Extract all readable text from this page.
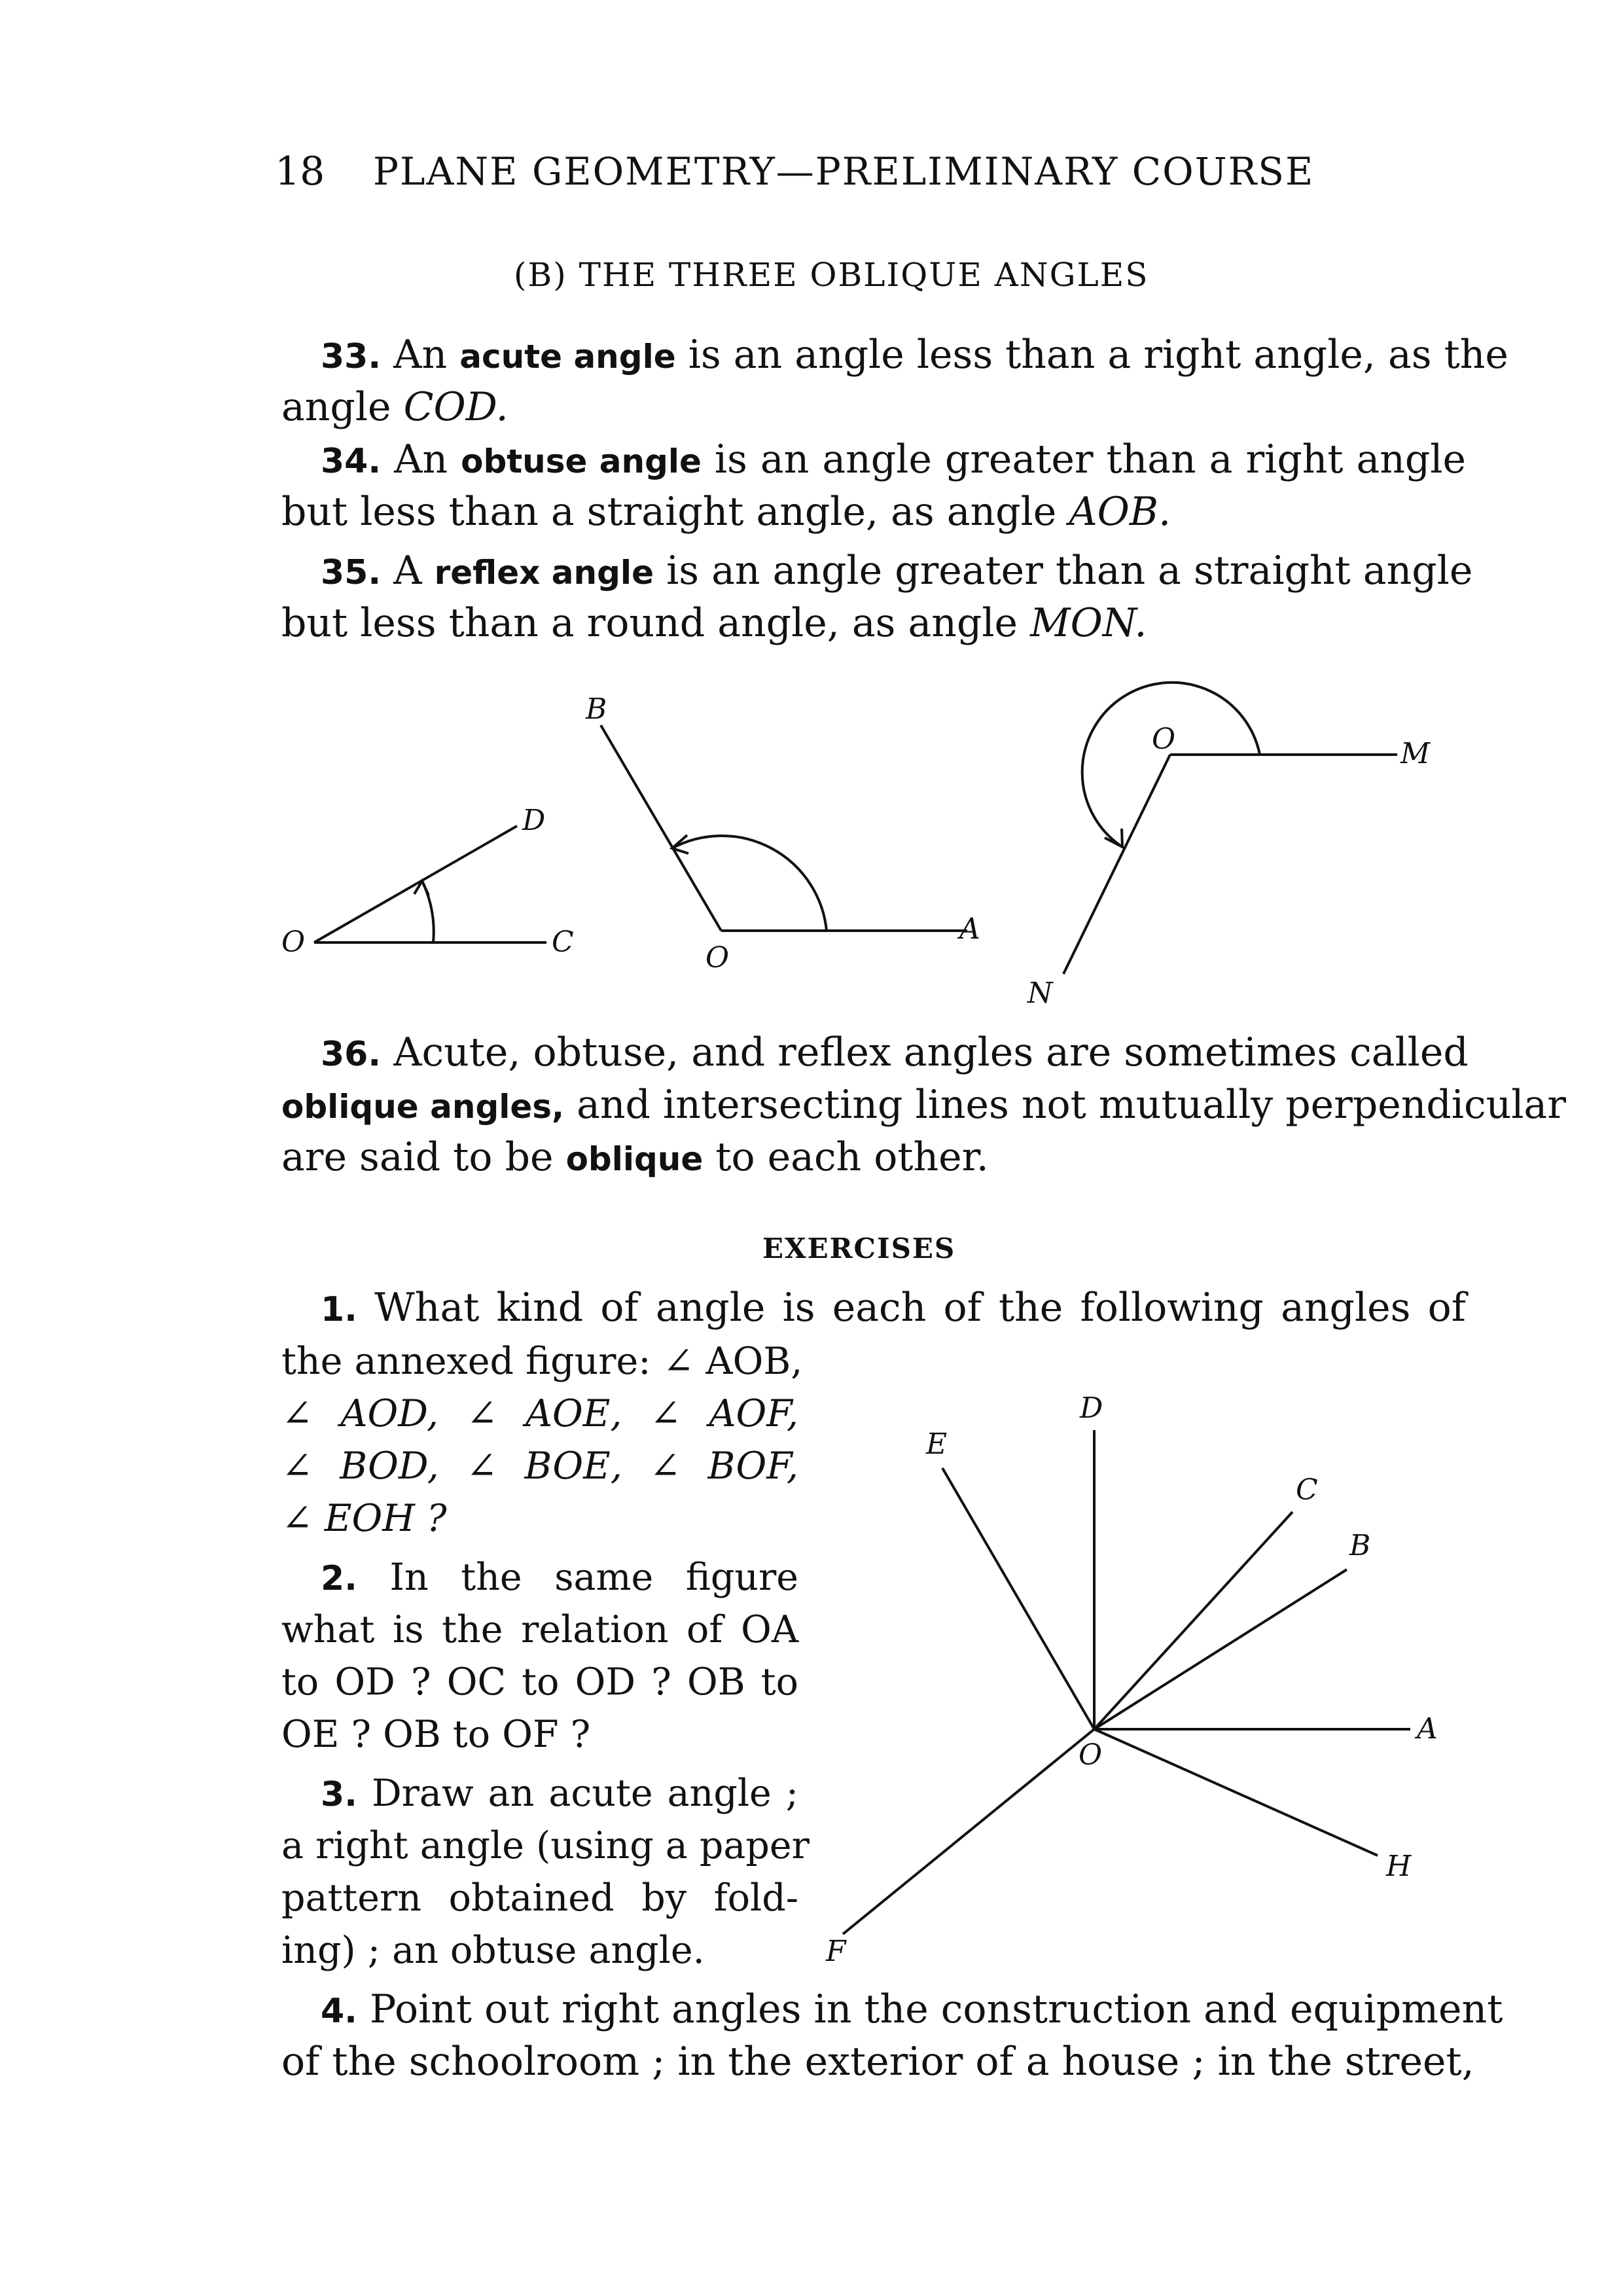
18 PLANE GEOMETRY—PRELIMINARY COURSE
(B) THE THREE OBLIQUE ANGLES
33. An acute angle is an angle less than a right angle, as the
angle COD.
34. An obtuse angle is an angle greater than a right angle
but less than a straight angle, as angle AOB.
35. A reflex angle is an angle greater than a straight angle
but less than a round angle, as angle MON.
O	C
D
O
A
B
O	M
N
36. Acute, obtuse, and reflex angles are sometimes called
oblique angles, and intersecting lines not mutually perpendicular
are said to be oblique to each other.
EXERCISES
1. What kind of angle is each of the following angles of
the annexed figure: ∠ AOB,
∠ AOD, ∠ AOE, ∠ AOF,
∠ BOD, ∠ BOE, ∠ BOF,
∠ EOH ?
2. In the same figure
what is the relation of OA
to OD ? OC to OD ? OB to
OE ? OB to OF ?
3. Draw an acute angle ;
a right angle (using a paper
pattern obtained by fold-
ing) ; an obtuse angle.
O
A
B
C
D
E
F
H
4. Point out right angles in the construction and equipment
of the schoolroom ; in the exterior of a house ; in the street,
